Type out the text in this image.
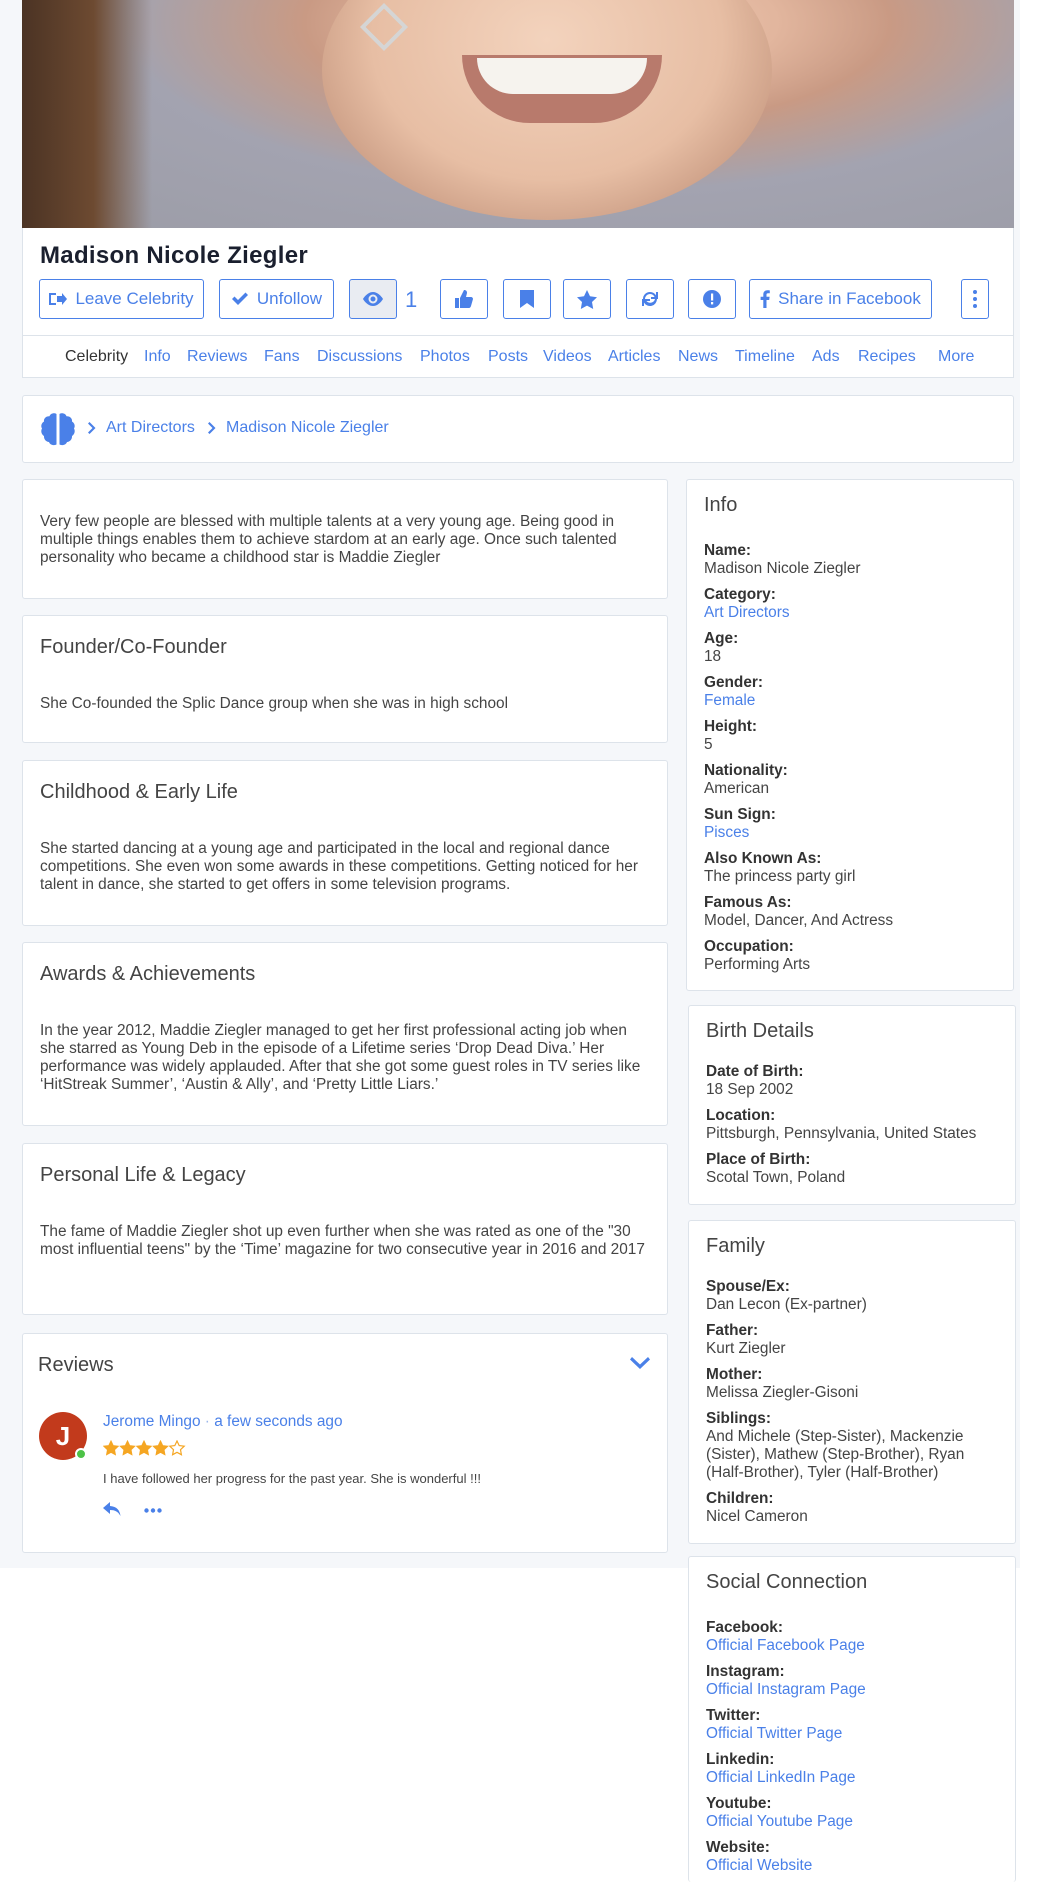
Madison Nicole Ziegler
Leave Celebrity	Unfollow	1	Share in Facebook
Celebrity Info Reviews Fans Discussions Photos Posts Videos Articles News Timeline Ads Recipes More
Art Directors Madison Nicole Ziegler

Very few people are blessed with multiple talents at a very young age. Being good in multiple things enables them to achieve stardom at an early age. Once such talented personality who became a childhood star is Maddie Ziegler

Founder/Co-Founder

She Co-founded the Splic Dance group when she was in high school

Childhood & Early Life

She started dancing at a young age and participated in the local and regional dance competitions. She even won some awards in these competitions. Getting noticed for her talent in dance, she started to get offers in some television programs.

Awards & Achievements

In the year 2012, Maddie Ziegler managed to get her first professional acting job when she starred as Young Deb in the episode of a Lifetime series ‘Drop Dead Diva.’ Her performance was widely applauded. After that she got some guest roles in TV series like ‘HitStreak Summer’, ‘Austin & Ally’, and ‘Pretty Little Liars.’

Personal Life & Legacy

The fame of Maddie Ziegler shot up even further when she was rated as one of the "30 most influential teens" by the ‘Time’ magazine for two consecutive year in 2016 and 2017

Reviews
J	Jerome Mingo · a few seconds ago
I have followed her progress for the past year. She is wonderful !!!
Info
Name:
Madison Nicole Ziegler
Category:
Art Directors
Age:
18
Gender:
Female
Height:
5
Nationality:
American
Sun Sign:
Pisces
Also Known As:
The princess party girl
Famous As:
Model, Dancer, And Actress
Occupation:
Performing Arts
Birth Details
Date of Birth:
18 Sep 2002
Location:
Pittsburgh, Pennsylvania, United States
Place of Birth:
Scotal Town, Poland
Family
Spouse/Ex:
Dan Lecon (Ex-partner)
Father:
Kurt Ziegler
Mother:
Melissa Ziegler-Gisoni
Siblings:
And Michele (Step-Sister), Mackenzie (Sister), Mathew (Step-Brother), Ryan (Half-Brother), Tyler (Half-Brother)
Children:
Nicel Cameron
Social Connection
Facebook:
Official Facebook Page
Instagram:
Official Instagram Page
Twitter:
Official Twitter Page
Linkedin:
Official LinkedIn Page
Youtube:
Official Youtube Page
Website:
Official Website
